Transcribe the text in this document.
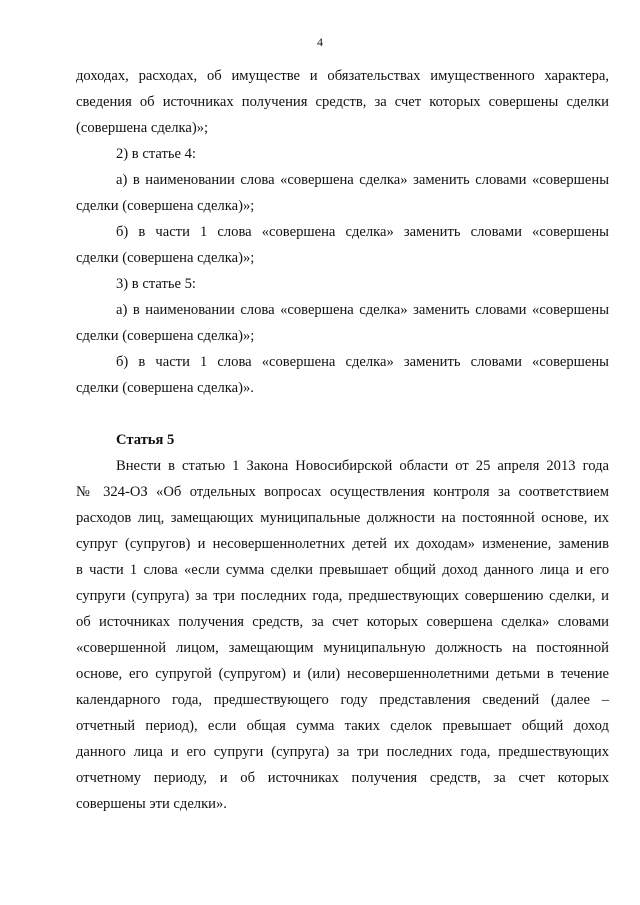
4
доходах, расходах, об имуществе и обязательствах имущественного характера,
сведения об источниках получения средств, за счет которых совершены сделки
(совершена сделка)»;
2) в статье 4:
а) в наименовании слова «совершена сделка» заменить словами «совершены
сделки (совершена сделка)»;
б) в части 1 слова «совершена сделка» заменить словами «совершены
сделки (совершена сделка)»;
3) в статье 5:
а) в наименовании слова «совершена сделка» заменить словами «совершены
сделки (совершена сделка)»;
б) в части 1 слова «совершена сделка» заменить словами «совершены
сделки (совершена сделка)».
Статья 5
Внести в статью 1 Закона Новосибирской области от 25 апреля 2013 года
№ 324-ОЗ «Об отдельных вопросах осуществления контроля за соответствием
расходов лиц, замещающих муниципальные должности на постоянной основе, их
супруг (супругов) и несовершеннолетних детей их доходам» изменение, заменив
в части 1 слова «если сумма сделки превышает общий доход данного лица и его
супруги (супруга) за три последних года, предшествующих совершению сделки, и
об источниках получения средств, за счет которых совершена сделка» словами
«совершенной лицом, замещающим муниципальную должность на постоянной
основе, его супругой (супругом) и (или) несовершеннолетними детьми в течение
календарного года, предшествующего году представления сведений (далее –
отчетный период), если общая сумма таких сделок превышает общий доход
данного лица и его супруги (супруга) за три последних года, предшествующих
отчетному периоду, и об источниках получения средств, за счет которых
совершены эти сделки».
